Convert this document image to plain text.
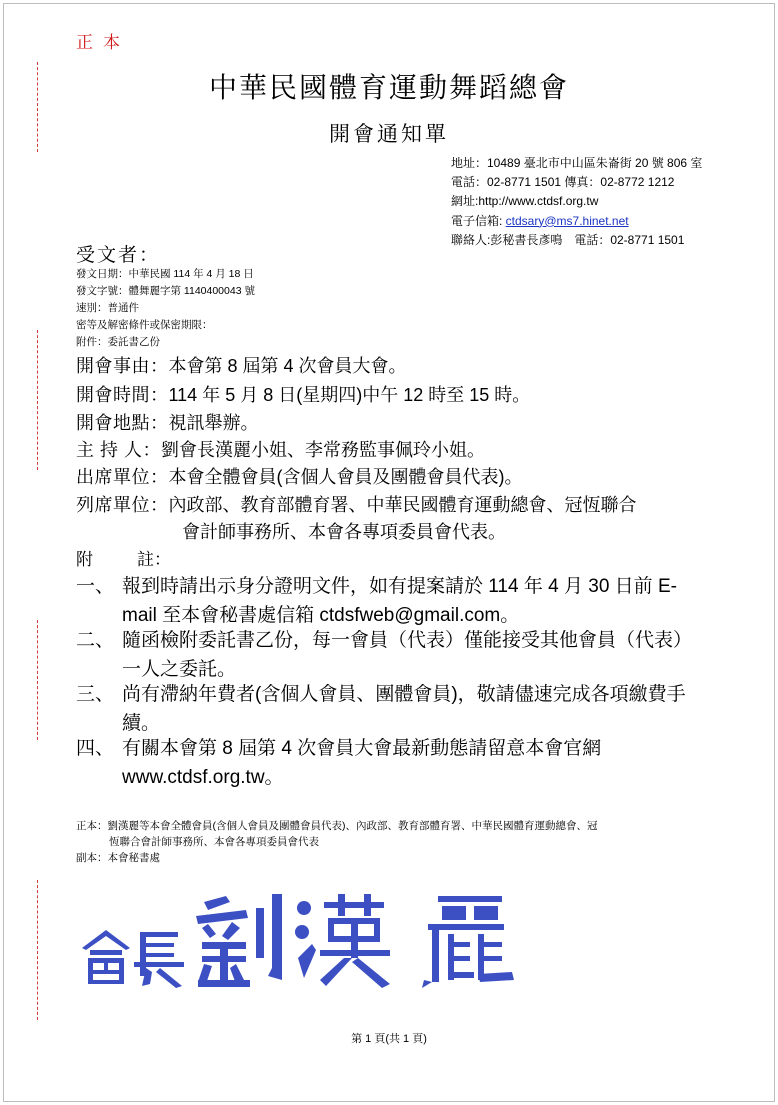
正本
中華民國體育運動舞蹈總會
開會通知單
地址：10489 臺北市中山區朱崙街 20 號 806 室
電話：02-8771 1501 傳真：02-8772 1212
網址:http://www.ctdsf.org.tw
電子信箱: ctdsary@ms7.hinet.net
聯絡人:彭秘書長彥鳴　電話：02-8771 1501
受文者：
發文日期：中華民國 114 年 4 月 18 日
發文字號：體舞麗字第 1140400043 號
速別：普通件
密等及解密條件或保密期限：
附件：委託書乙份
開會事由：本會第 8 屆第 4 次會員大會。
開會時間：114 年 5 月 8 日(星期四)中午 12 時至 15 時。
開會地點：視訊舉辦。
主 持 人：劉會長漢麗小姐、李常務監事佩玲小姐。
出席單位：本會全體會員(含個人會員及團體會員代表)。
列席單位：內政部、教育部體育署、中華民國體育運動總會、冠恆聯合
會計師事務所、本會各專項委員會代表。
附	註：
一、 報到時請出示身分證明文件，如有提案請於 114 年 4 月 30 日前 E-
mail 至本會秘書處信箱 ctdsfweb@gmail.com。
二、 隨函檢附委託書乙份，每一會員（代表）僅能接受其他會員（代表）
一人之委託。
三、 尚有滯納年費者(含個人會員、團體會員)，敬請儘速完成各項繳費手
續。
四、 有關本會第 8 屆第 4 次會員大會最新動態請留意本會官網
www.ctdsf.org.tw。
正本：劉漢麗等本會全體會員(含個人會員及團體會員代表)、內政部、教育部體育署、中華民國體育運動總會、冠
恆聯合會計師事務所、本會各專項委員會代表
副本：本會秘書處
會長劉漢麗
第 1 頁(共 1 頁)
